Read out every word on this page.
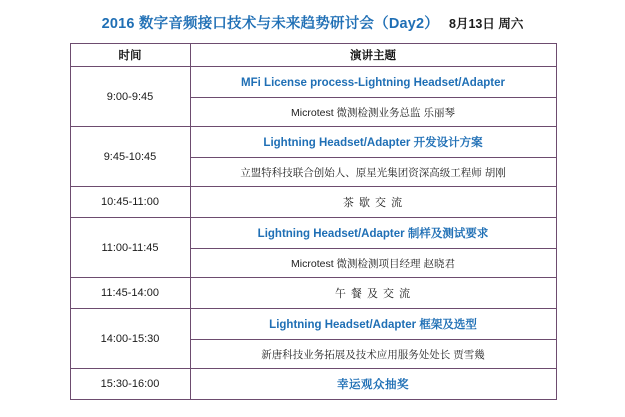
2016 数字音频接口技术与未来趋势研讨会（Day2） 8月13日 周六
时间	演讲主题
9:00-9:45	MFi License process-Lightning Headset/Adapter
	Microtest 微测检测业务总监 乐丽琴
9:45-10:45	Lightning Headset/Adapter 开发设计方案
	立盟特科技联合创始人、原星光集团资深高级工程师 胡刚
10:45-11:00	茶 歇 交 流
11:00-11:45	Lightning Headset/Adapter 制样及测试要求
	Microtest 微测检测项目经理 赵晓君
11:45-14:00	午 餐 及 交 流
14:00-15:30	Lightning Headset/Adapter 框架及选型
	新唐科技业务拓展及技术应用服务处处长 贾雪幾
15:30-16:00	幸运观众抽奖
